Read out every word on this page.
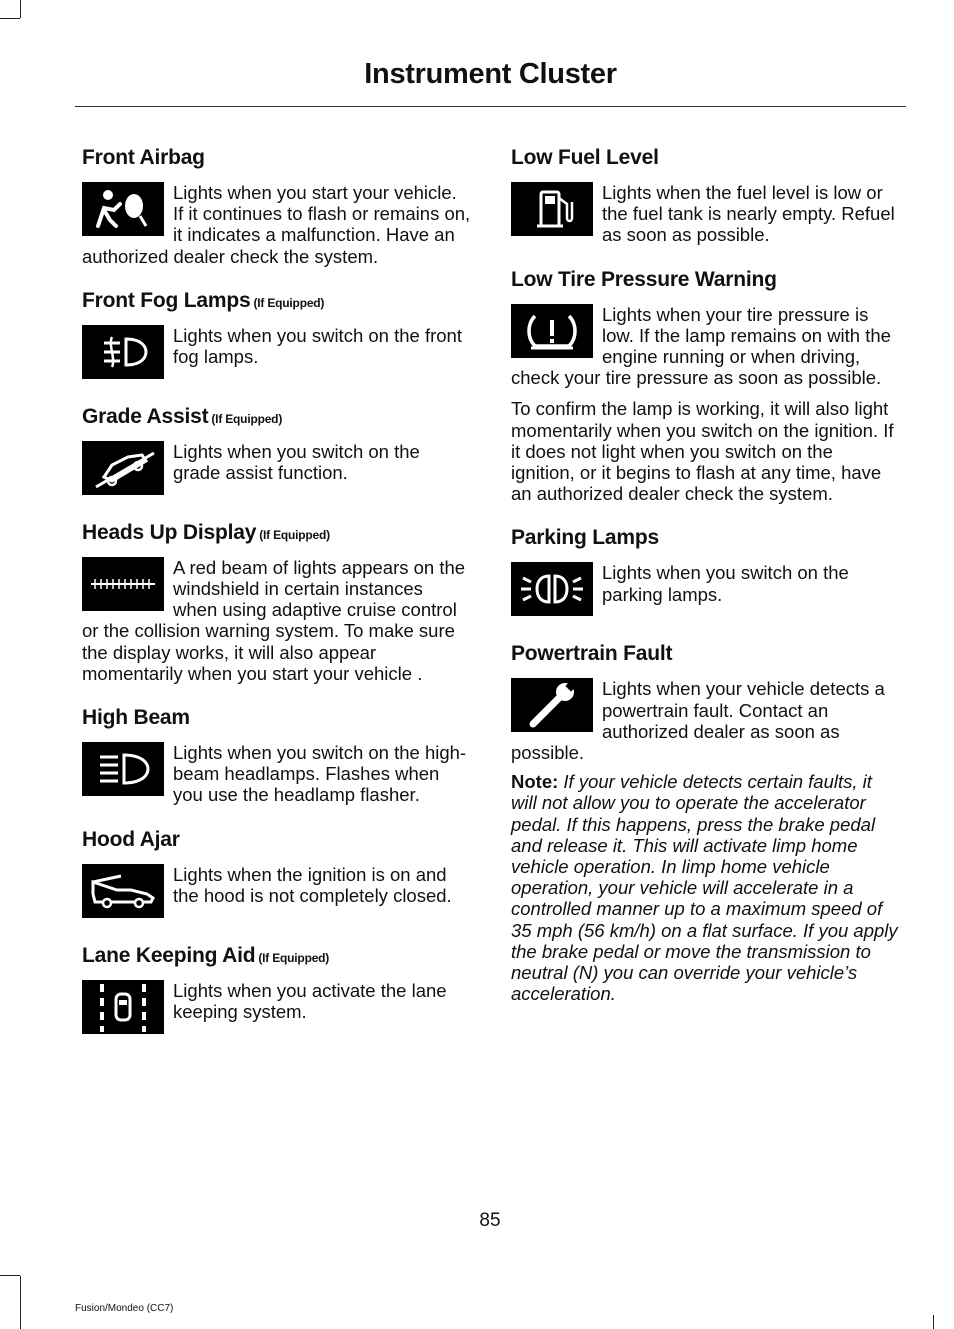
Instrument Cluster
Front Airbag
Lights when you start your vehicle. If it continues to flash or remains on, it indicates a malfunction. Have an authorized dealer check the system.
Front Fog Lamps (If Equipped)
Lights when you switch on the front fog lamps.
Grade Assist (If Equipped)
Lights when you switch on the grade assist function.
Heads Up Display (If Equipped)
A red beam of lights appears on the windshield in certain instances when using adaptive cruise control or the collision warning system. To make sure the display works, it will also appear momentarily when you start your vehicle .
High Beam
Lights when you switch on the high-beam headlamps. Flashes when you use the headlamp flasher.
Hood Ajar
Lights when the ignition is on and the hood is not completely closed.
Lane Keeping Aid (If Equipped)
Lights when you activate the lane keeping system.
Low Fuel Level
Lights when the fuel level is low or the fuel tank is nearly empty. Refuel as soon as possible.
Low Tire Pressure Warning
Lights when your tire pressure is low. If the lamp remains on with the engine running or when driving, check your tire pressure as soon as possible.

To confirm the lamp is working, it will also light momentarily when you switch on the ignition. If it does not light when you switch on the ignition, or it begins to flash at any time, have an authorized dealer check the system.

Parking Lamps
Lights when you switch on the parking lamps.
Powertrain Fault
Lights when your vehicle detects a powertrain fault. Contact an authorized dealer as soon as possible.

Note: If your vehicle detects certain faults, it will not allow you to operate the accelerator pedal. If this happens, press the brake pedal and release it. This will activate limp home vehicle operation. In limp home vehicle operation, your vehicle will accelerate in a controlled manner up to a maximum speed of 35 mph (56 km/h) on a flat surface. If you apply the brake pedal or move the transmission to neutral (N) you can override your vehicle’s acceleration.

85
Fusion/Mondeo (CC7)
